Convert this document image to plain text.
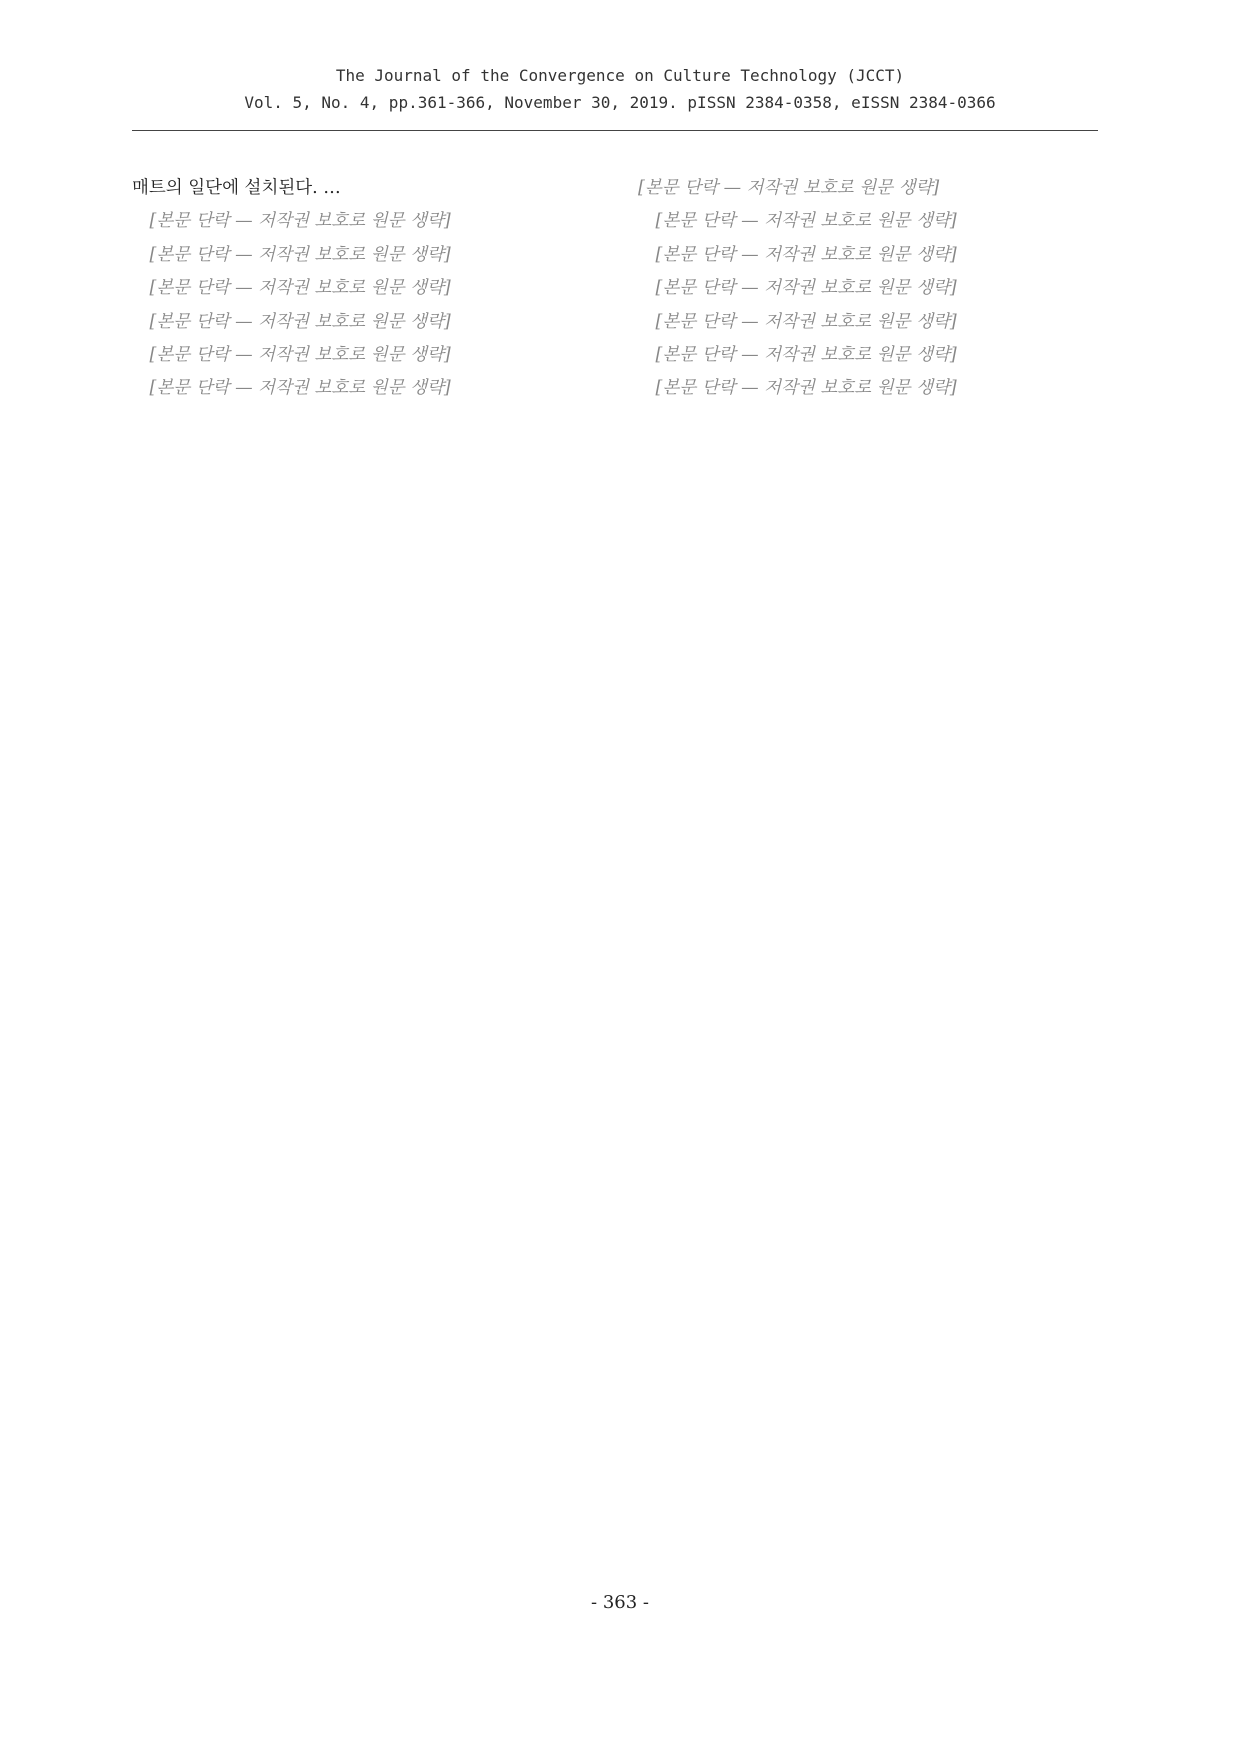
The Journal of the Convergence on Culture Technology (JCCT)
Vol. 5, No. 4, pp.361-366, November 30, 2019. pISSN 2384-0358, eISSN 2384-0366

매트의 일단에 설치된다. …

[본문 단락 — 저작권 보호로 원문 생략]

[본문 단락 — 저작권 보호로 원문 생략]

[본문 단락 — 저작권 보호로 원문 생략]

[본문 단락 — 저작권 보호로 원문 생략]

[본문 단락 — 저작권 보호로 원문 생략]

[본문 단락 — 저작권 보호로 원문 생략]

[본문 단락 — 저작권 보호로 원문 생략]

[본문 단락 — 저작권 보호로 원문 생략]

[본문 단락 — 저작권 보호로 원문 생략]

[본문 단락 — 저작권 보호로 원문 생략]

[본문 단락 — 저작권 보호로 원문 생략]

[본문 단락 — 저작권 보호로 원문 생략]

[본문 단락 — 저작권 보호로 원문 생략]

- 363 -
